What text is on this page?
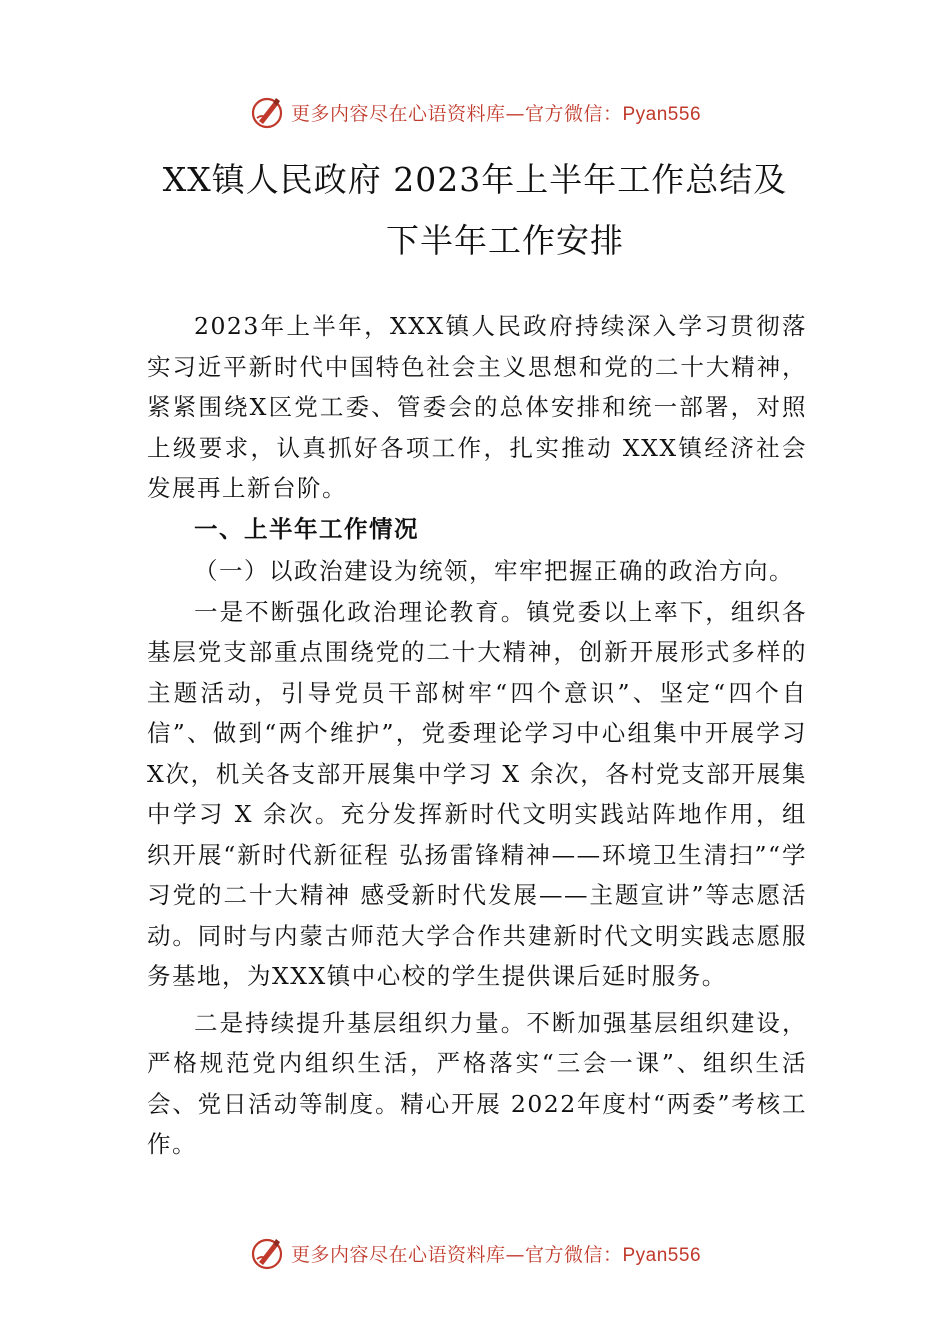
更多内容尽在心语资料库—官方微信：Pyan556
XX镇人民政府 2023年上半年工作总结及
下半年工作安排

2023年上半年，XXX镇人民政府持续深入学习贯彻落实习近平新时代中国特色社会主义思想和党的二十大精神，紧紧围绕X区党工委、管委会的总体安排和统一部署，对照上级要求，认真抓好各项工作，扎实推动 XXX镇经济社会发展再上新台阶。

一、上半年工作情况
（一）以政治建设为统领，牢牢把握正确的政治方向。

一是不断强化政治理论教育。镇党委以上率下，组织各基层党支部重点围绕党的二十大精神，创新开展形式多样的主题活动，引导党员干部树牢“四个意识”、坚定“四个自信”、做到“两个维护”，党委理论学习中心组集中开展学习 X次，机关各支部开展集中学习 X 余次，各村党支部开展集中学习 X 余次。充分发挥新时代文明实践站阵地作用，组织开展“新时代新征程 弘扬雷锋精神——环境卫生清扫”“学习党的二十大精神 感受新时代发展——主题宣讲”等志愿活动。同时与内蒙古师范大学合作共建新时代文明实践志愿服务基地，为XXX镇中心校的学生提供课后延时服务。

二是持续提升基层组织力量。不断加强基层组织建设，严格规范党内组织生活，严格落实“三会一课”、组织生活会、党日活动等制度。精心开展 2022年度村“两委”考核工作。

更多内容尽在心语资料库—官方微信：Pyan556
